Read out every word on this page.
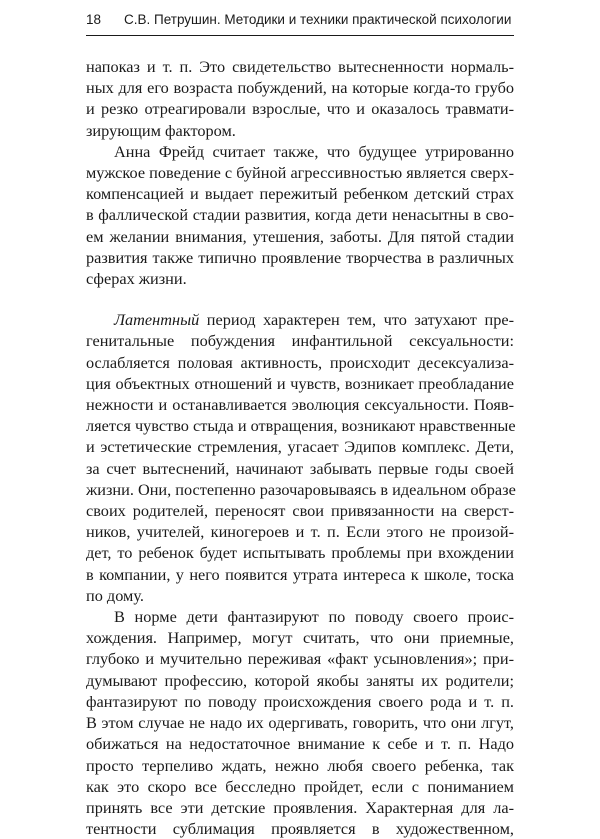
18	С.В. Петрушин. Методики и техники практической психологии

напоказ и т. п. Это свидетельство вытесненности нормаль-
ных для его возраста побуждений, на которые когда-то грубо
и резко отреагировали взрослые, что и оказалось травмати-
зирующим фактором.

Анна Фрейд считает также, что будущее утрированно
мужское поведение с буйной агрессивностью является сверх-
компенсацией и выдает пережитый ребенком детский страх
в фаллической стадии развития, когда дети ненасытны в сво-
ем желании внимания, утешения, заботы. Для пятой стадии
развития также типично проявление творчества в различных
сферах жизни.

Латентный период характерен тем, что затухают пре-
генитальные побуждения инфантильной сексуальности:
ослабляется половая активность, происходит десексуализа-
ция объектных отношений и чувств, возникает преобладание
нежности и останавливается эволюция сексуальности. Появ-
ляется чувство стыда и отвращения, возникают нравственные
и эстетические стремления, угасает Эдипов комплекс. Дети,
за счет вытеснений, начинают забывать первые годы своей
жизни. Они, постепенно разочаровываясь в идеальном образе
своих родителей, переносят свои привязанности на сверст-
ников, учителей, киногероев и т. п. Если этого не произой-
дет, то ребенок будет испытывать проблемы при вхождении
в компании, у него появится утрата интереса к школе, тоска
по дому.

В норме дети фантазируют по поводу своего проис-
хождения. Например, могут считать, что они приемные,
глубоко и мучительно переживая «факт усыновления»; при-
думывают профессию, которой якобы заняты их родители;
фантазируют по поводу происхождения своего рода и т. п.
В этом случае не надо их одергивать, говорить, что они лгут,
обижаться на недостаточное внимание к себе и т. п. Надо
просто терпеливо ждать, нежно любя своего ребенка, так
как это скоро все бесследно пройдет, если с пониманием
принять все эти детские проявления. Характерная для ла-
тентности сублимация проявляется в художественном,
